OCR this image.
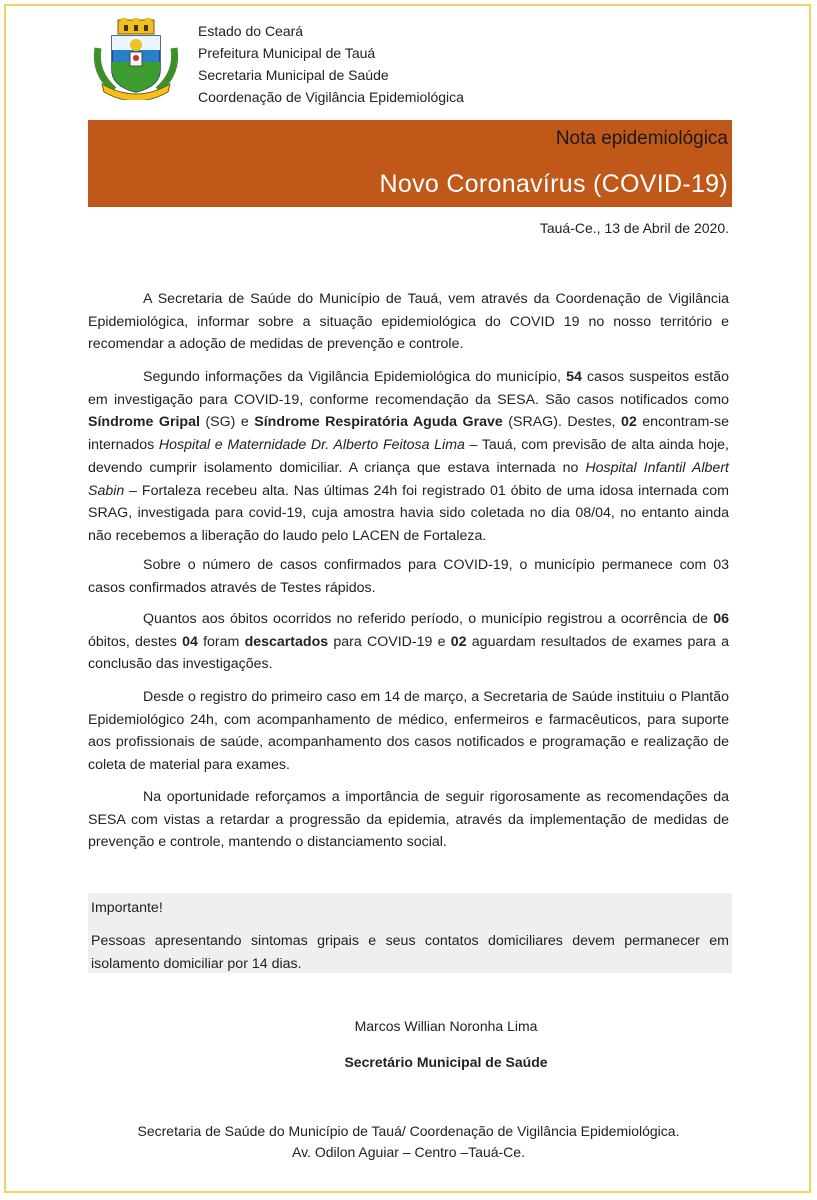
Estado do Ceará
Prefeitura Municipal de Tauá
Secretaria Municipal de Saúde
Coordenação de Vigilância Epidemiológica
Nota epidemiológica
Novo Coronavírus (COVID-19)
Tauá-Ce., 13 de Abril de 2020.

A Secretaria de Saúde do Município de Tauá, vem através da Coordenação de Vigilância Epidemiológica, informar sobre a situação epidemiológica do COVID 19 no nosso território e recomendar a adoção de medidas de prevenção e controle.

Segundo informações da Vigilância Epidemiológica do município, 54 casos suspeitos estão em investigação para COVID-19, conforme recomendação da SESA. São casos notificados como Síndrome Gripal (SG) e Síndrome Respiratória Aguda Grave (SRAG). Destes, 02 encontram-se internados Hospital e Maternidade Dr. Alberto Feitosa Lima – Tauá, com previsão de alta ainda hoje, devendo cumprir isolamento domiciliar. A criança que estava internada no Hospital Infantil Albert Sabin – Fortaleza recebeu alta. Nas últimas 24h foi registrado 01 óbito de uma idosa internada com SRAG, investigada para covid-19, cuja amostra havia sido coletada no dia 08/04, no entanto ainda não recebemos a liberação do laudo pelo LACEN de Fortaleza.

Sobre o número de casos confirmados para COVID-19, o município permanece com 03 casos confirmados através de Testes rápidos.

Quantos aos óbitos ocorridos no referido período, o município registrou a ocorrência de 06 óbitos, destes 04 foram descartados para COVID-19 e 02 aguardam resultados de exames para a conclusão das investigações.

Desde o registro do primeiro caso em 14 de março, a Secretaria de Saúde instituiu o Plantão Epidemiológico 24h, com acompanhamento de médico, enfermeiros e farmacêuticos, para suporte aos profissionais de saúde, acompanhamento dos casos notificados e programação e realização de coleta de material para exames.

Na oportunidade reforçamos a importância de seguir rigorosamente as recomendações da SESA com vistas a retardar a progressão da epidemia, através da implementação de medidas de prevenção e controle, mantendo o distanciamento social.

Importante!
Pessoas apresentando sintomas gripais e seus contatos domiciliares devem permanecer em isolamento domiciliar por 14 dias.
Marcos Willian Noronha Lima
Secretário Municipal de Saúde
Secretaria de Saúde do Município de Tauá/ Coordenação de Vigilância Epidemiológica.
Av. Odilon Aguiar – Centro –Tauá-Ce.
